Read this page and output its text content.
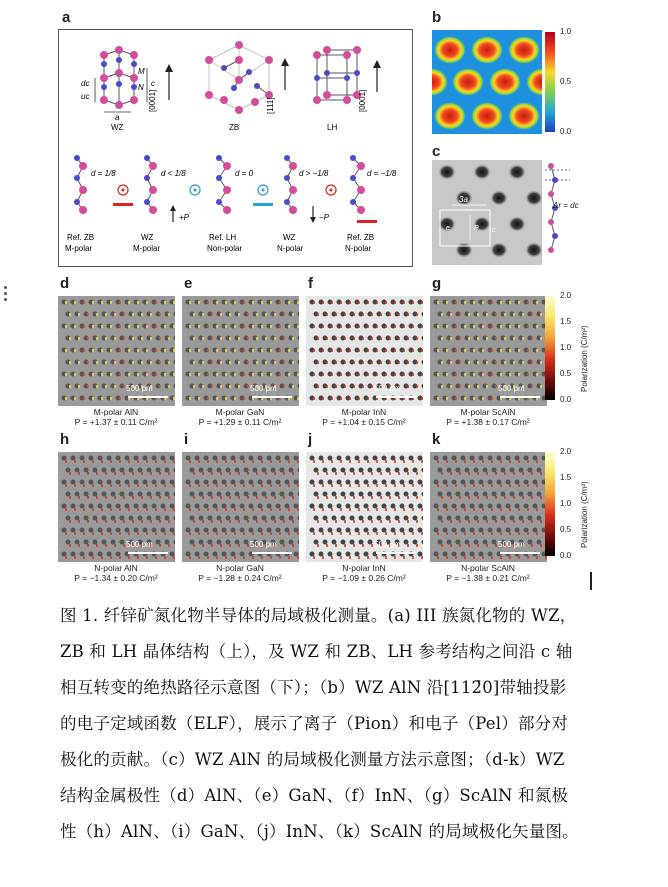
a	b
c
WZ
M
N c
dc
uc
a
[0001]
ZB
[111]
LH
[0001]
d = 1/8	d < 1/8
+P
d = 0	d > −1/8
−P
d = −1/8
Ref. ZB
M-polar
WZ
M-polar
Ref. LH
Non-polar
WZ
N-polar
Ref. ZB
N-polar
1.0
0.5
0.0
3a
P
e	c
Δr = dc
d
500 pm
M-polar AlN
P = +1.37 ± 0.11 C/m²
e
500 pm
M-polar GaN
P = +1.29 ± 0.11 C/m²
f
500 pm
M-polar InN
P = +1.04 ± 0.15 C/m²
g
500 pm
M-polar ScAlN
P = +1.38 ± 0.17 C/m²
h
500 pm
N-polar AlN
P = −1.34 ± 0.20 C/m²
i
500 pm
N-polar GaN
P = −1.28 ± 0.24 C/m²
j
500 pm
N-polar InN
P = −1.09 ± 0.26 C/m²
k
500 pm
N-polar ScAlN
P = −1.38 ± 0.21 C/m²
2.0
1.5
1.0
0.5
0.0
2.0
1.5
1.0
0.5
0.0
Polarization (C/m²)
Polarization (C/m²)
图 1. 纤锌矿氮化物半导体的局域极化测量。(a) III 族氮化物的 WZ，
ZB 和 LH 晶体结构（上），及 WZ 和 ZB、LH 参考结构之间沿 c 轴
相互转变的绝热路径示意图（下）；（b）WZ AlN 沿[112̄0]带轴投影
的电子定域函数（ELF），展示了离子（Pion）和电子（Pel）部分对
极化的贡献。（c）WZ AlN 的局域极化测量方法示意图；（d-k）WZ
结构金属极性（d）AlN、（e）GaN、（f）InN、（g）ScAlN 和氮极
性（h）AlN、（i）GaN、（j）InN、（k）ScAlN 的局域极化矢量图。
